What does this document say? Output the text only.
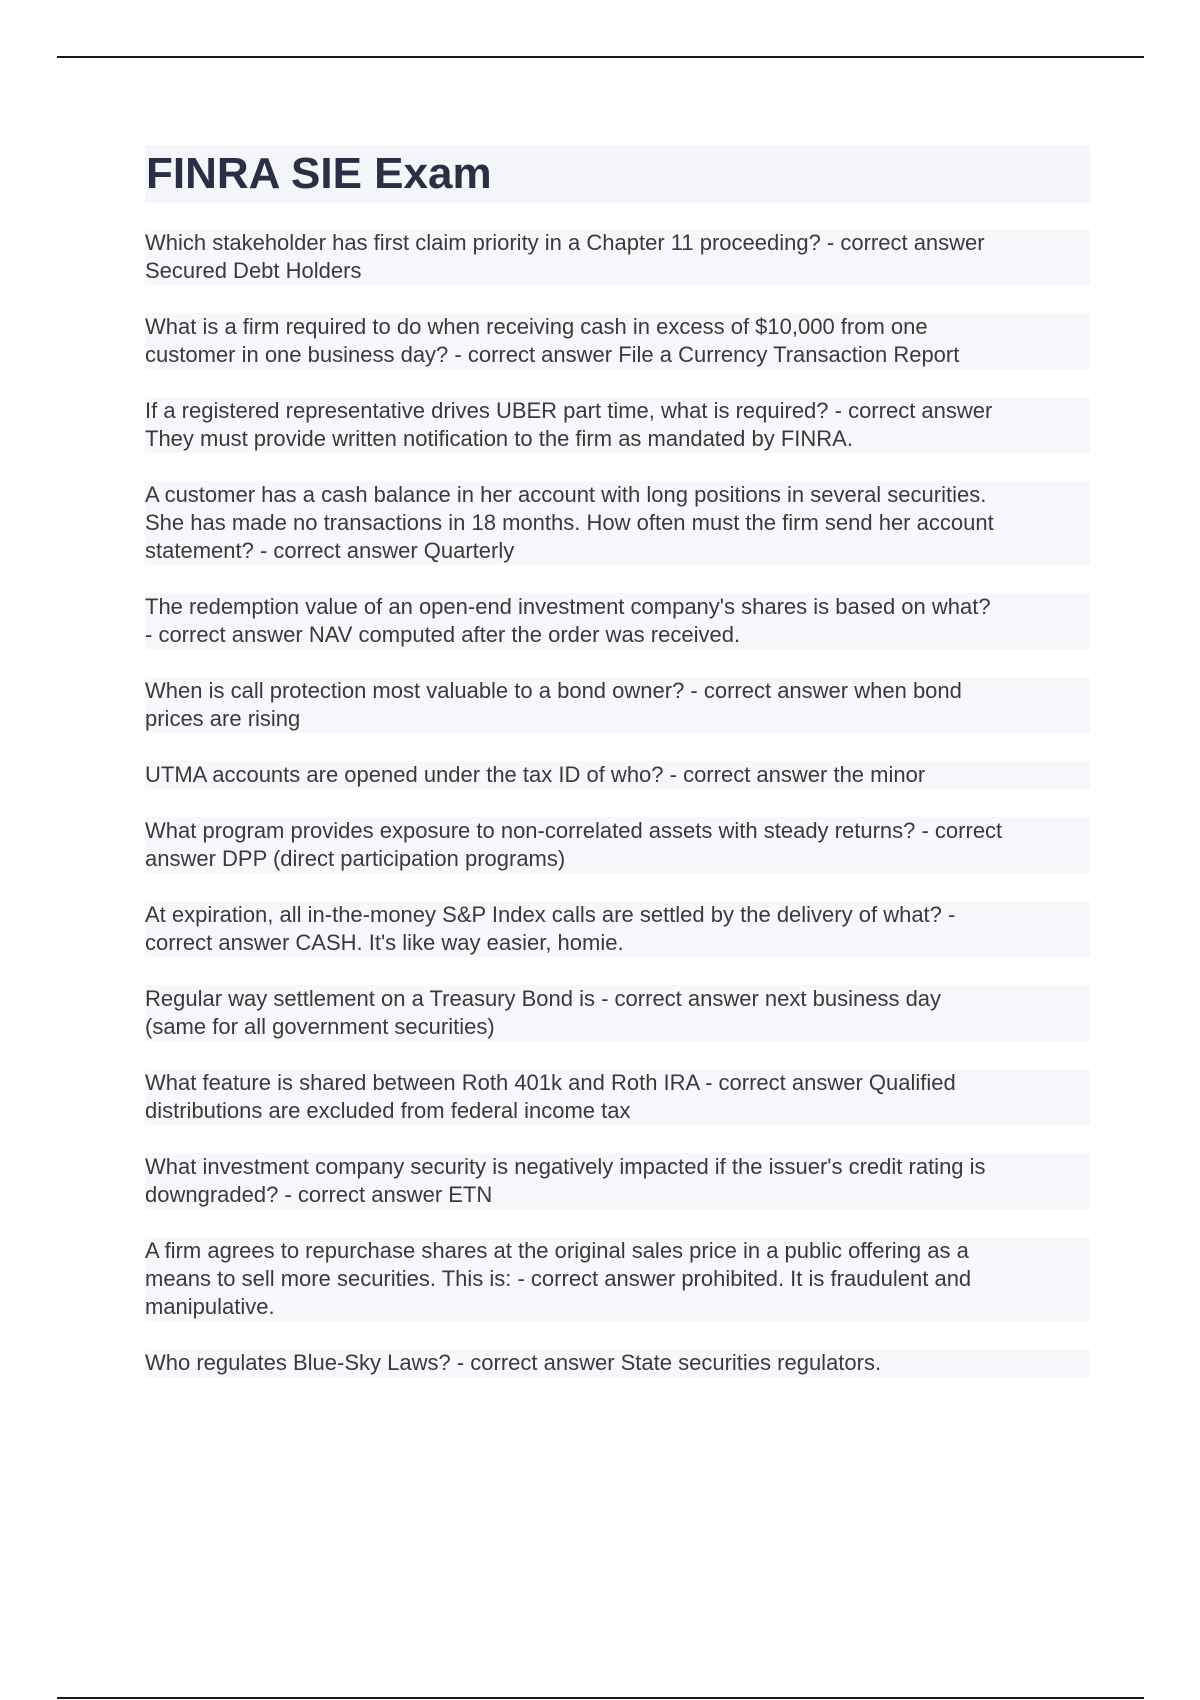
FINRA SIE Exam

Which stakeholder has first claim priority in a Chapter 11 proceeding? - correct answer
Secured Debt Holders

What is a firm required to do when receiving cash in excess of $10,000 from one
customer in one business day? - correct answer File a Currency Transaction Report

If a registered representative drives UBER part time, what is required? - correct answer
They must provide written notification to the firm as mandated by FINRA.

A customer has a cash balance in her account with long positions in several securities.
She has made no transactions in 18 months. How often must the firm send her account
statement? - correct answer Quarterly

The redemption value of an open-end investment company's shares is based on what?
- correct answer NAV computed after the order was received.

When is call protection most valuable to a bond owner? - correct answer when bond
prices are rising

UTMA accounts are opened under the tax ID of who? - correct answer the minor

What program provides exposure to non-correlated assets with steady returns? - correct
answer DPP (direct participation programs)

At expiration, all in-the-money S&P Index calls are settled by the delivery of what? -
correct answer CASH. It's like way easier, homie.

Regular way settlement on a Treasury Bond is - correct answer next business day
(same for all government securities)

What feature is shared between Roth 401k and Roth IRA - correct answer Qualified
distributions are excluded from federal income tax

What investment company security is negatively impacted if the issuer's credit rating is
downgraded? - correct answer ETN

A firm agrees to repurchase shares at the original sales price in a public offering as a
means to sell more securities. This is: - correct answer prohibited. It is fraudulent and
manipulative.

Who regulates Blue-Sky Laws? - correct answer State securities regulators.
